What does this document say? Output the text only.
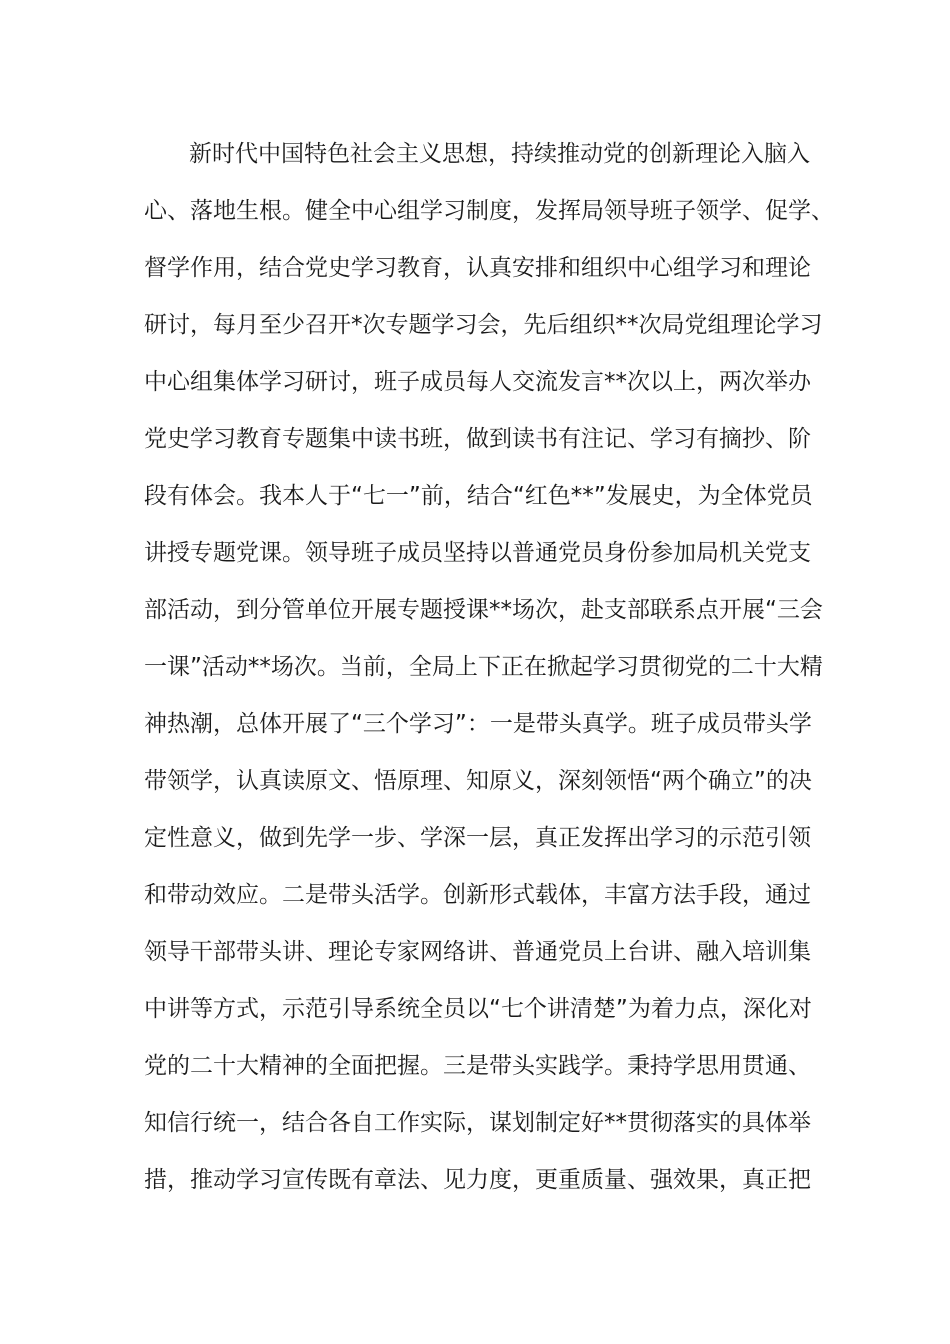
新时代中国特色社会主义思想，持续推动党的创新理论入脑入
心、落地生根。健全中心组学习制度，发挥局领导班子领学、促学、
督学作用，结合党史学习教育，认真安排和组织中心组学习和理论
研讨，每月至少召开*次专题学习会，先后组织**次局党组理论学习
中心组集体学习研讨，班子成员每人交流发言**次以上，两次举办
党史学习教育专题集中读书班，做到读书有注记、学习有摘抄、阶
段有体会。我本人于“七一”前，结合“红色**”发展史，为全体党员
讲授专题党课。领导班子成员坚持以普通党员身份参加局机关党支
部活动，到分管单位开展专题授课**场次，赴支部联系点开展“三会
一课”活动**场次。当前，全局上下正在掀起学习贯彻党的二十大精
神热潮，总体开展了“三个学习”：一是带头真学。班子成员带头学
带领学，认真读原文、悟原理、知原义，深刻领悟“两个确立”的决
定性意义，做到先学一步、学深一层，真正发挥出学习的示范引领
和带动效应。二是带头活学。创新形式载体，丰富方法手段，通过
领导干部带头讲、理论专家网络讲、普通党员上台讲、融入培训集
中讲等方式，示范引导系统全员以“七个讲清楚”为着力点，深化对
党的二十大精神的全面把握。三是带头实践学。秉持学思用贯通、
知信行统一，结合各自工作实际，谋划制定好**贯彻落实的具体举
措，推动学习宣传既有章法、见力度，更重质量、强效果，真正把
